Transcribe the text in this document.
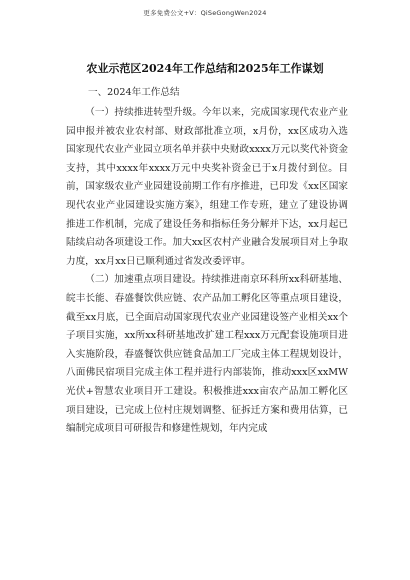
更多免费公文+V：QiSeGongWen2024
农业示范区2024年工作总结和2025年工作谋划
一、2024年工作总结

（一）持续推进转型升级。今年以来，完成国家现代农业产业园申报并被农业农村部、财政部批准立项，x月份，xx区成功入选国家现代农业产业园立项名单并获中央财政xxxx万元以奖代补资金支持，其中xxxx年xxxx万元中央奖补资金已于x月拨付到位。目前，国家级农业产业园建设前期工作有序推进，已印发《xx区国家现代农业产业园建设实施方案》，组建工作专班，建立了建设协调推进工作机制，完成了建设任务和指标任务分解并下达，xx月起已陆续启动各项建设工作。加大xx区农村产业融合发展项目对上争取力度，xx月xx日已顺利通过省发改委评审。

（二）加速重点项目建设。持续推进南京环科所xx科研基地、皖丰长能、春盛餐饮供应链、农产品加工孵化区等重点项目建设，截至xx月底，已全面启动国家现代农业产业园建设签产业相关xx个子项目实施，xx所xx科研基地改扩建工程xxx万元配套设施项目进入实施阶段，春盛餐饮供应链食品加工厂完成主体工程规划设计，八面佛民宿项目完成主体工程并进行内部装饰，推动xxx区xxMW光伏+智慧农业项目开工建设。积极推进xxx亩农产品加工孵化区项目建设，已完成上位村庄规划调整、征拆迁方案和费用估算，已编制完成项目可研报告和修建性规划，年内完成
